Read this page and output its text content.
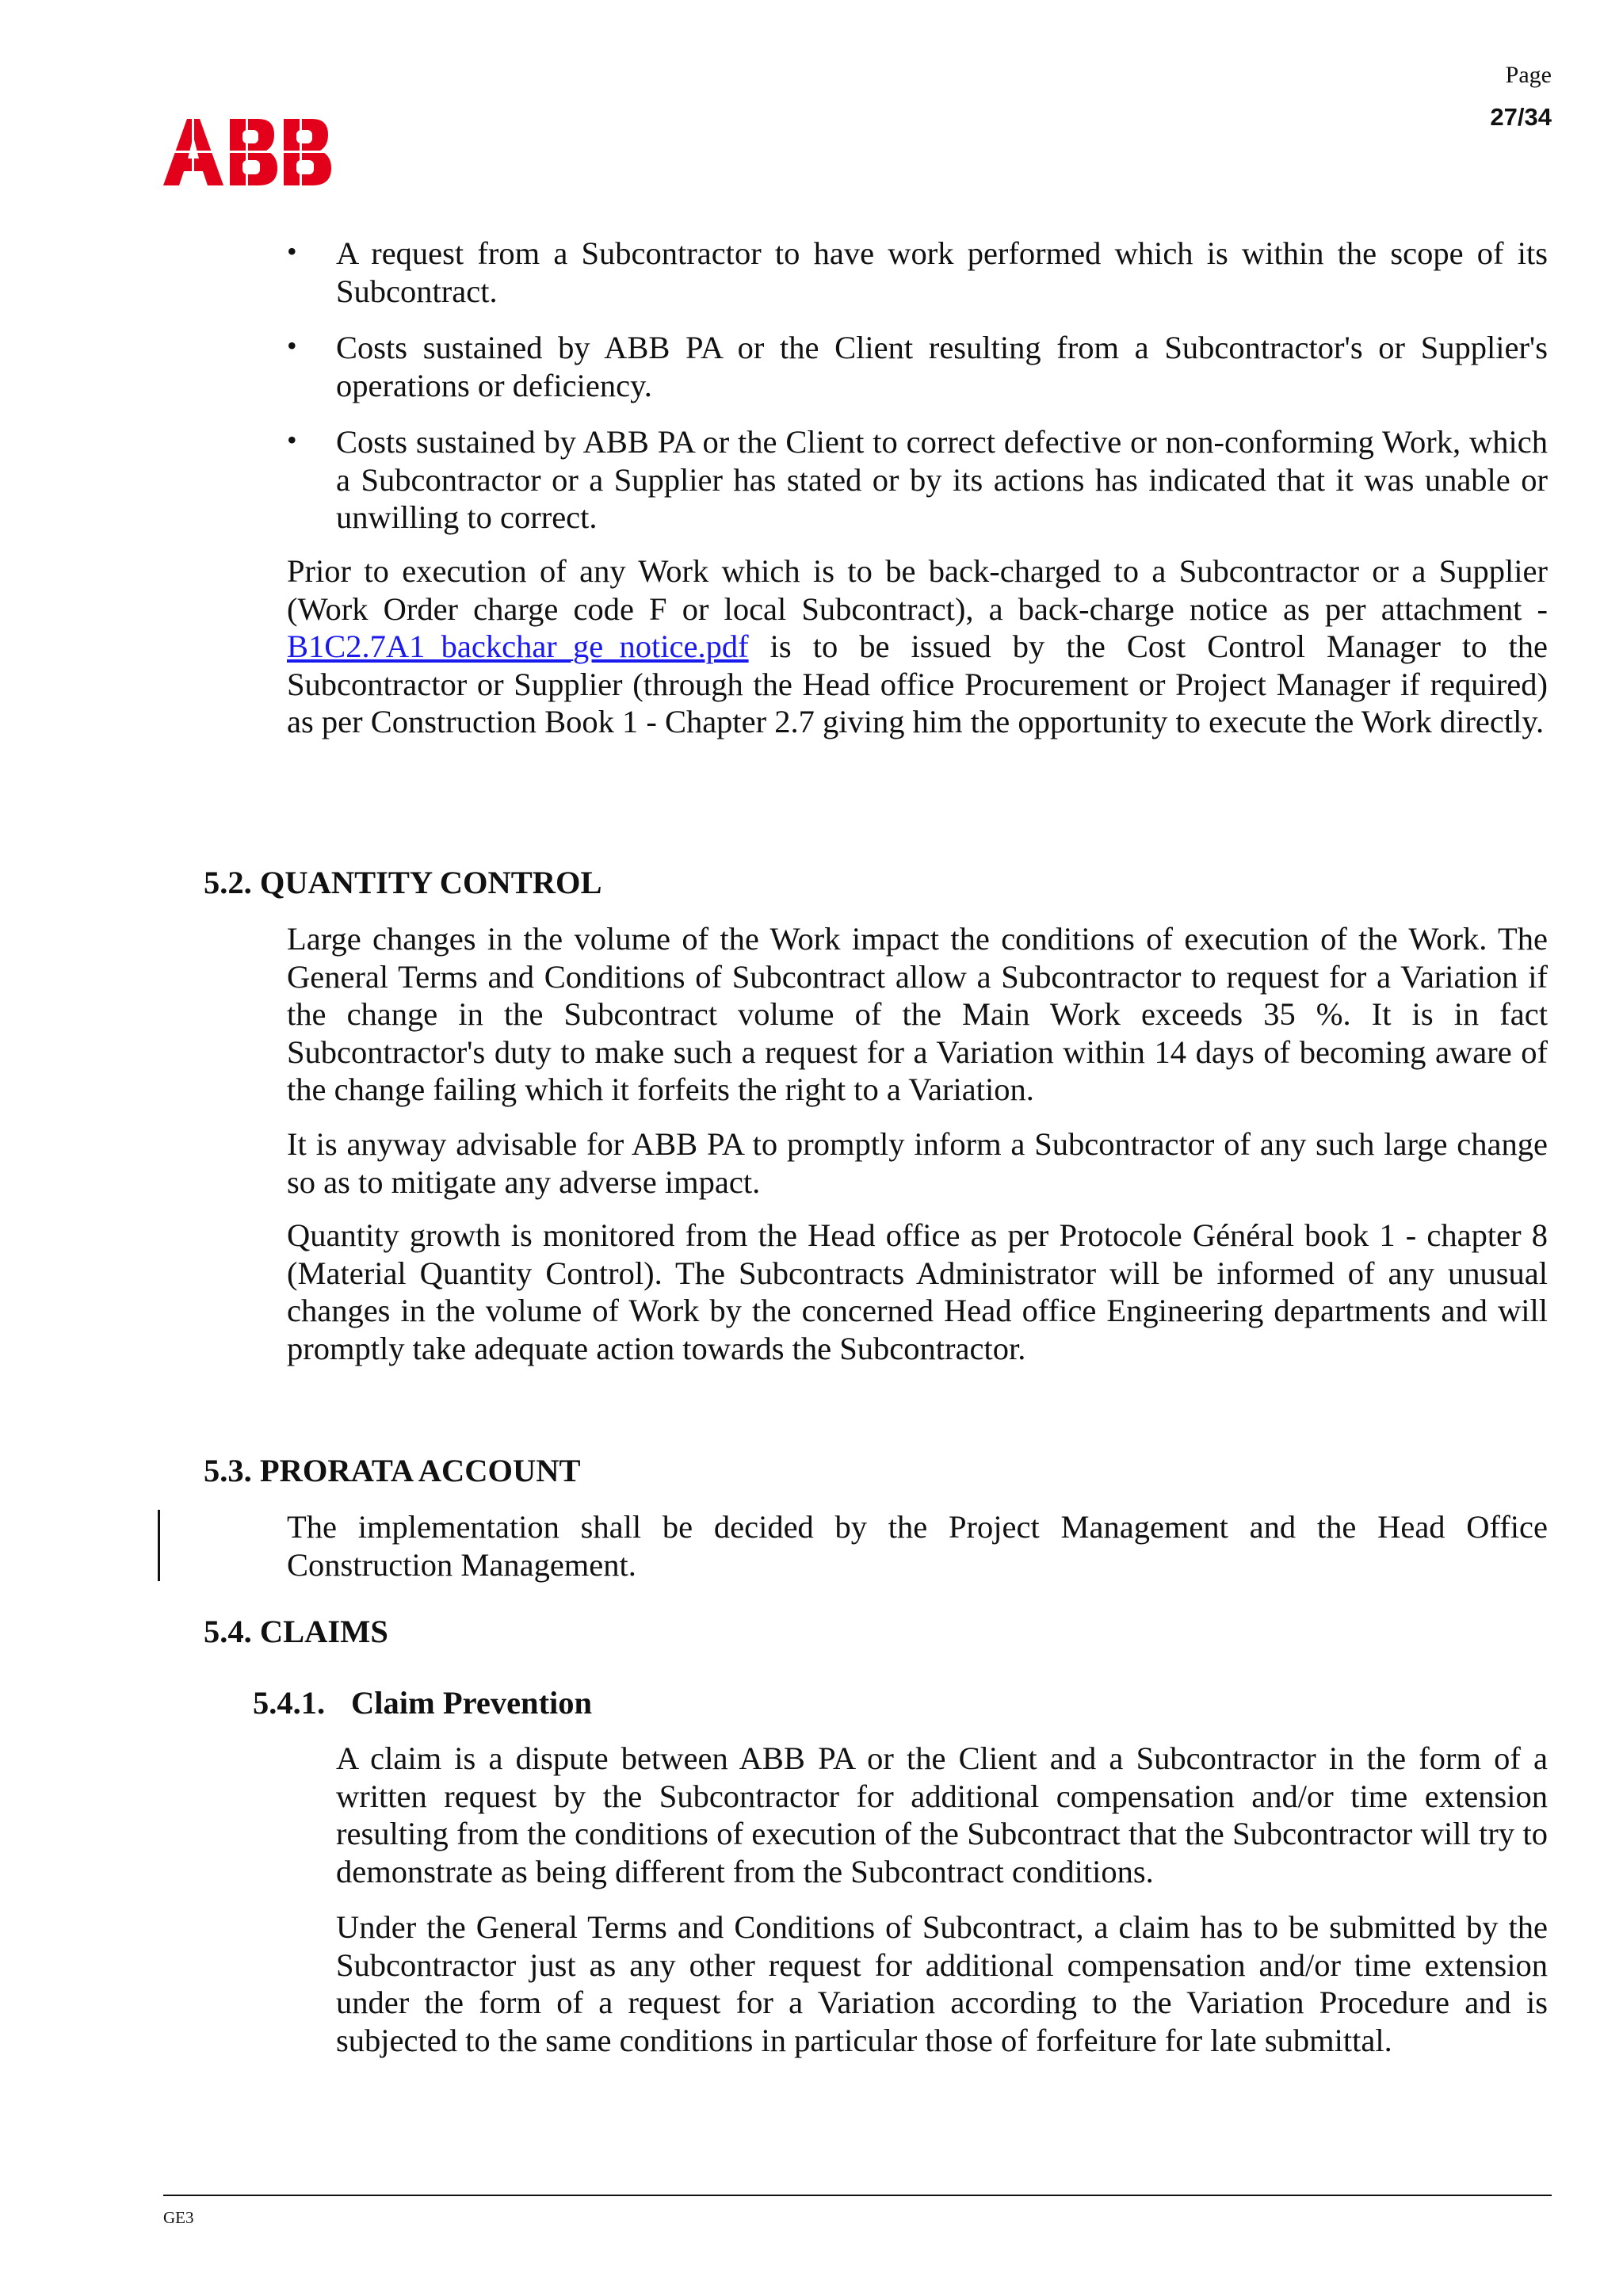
Page
27/34
• A request from a Subcontractor to have work performed which is within the scope of its Subcontract.
• Costs sustained by ABB PA or the Client resulting from a Subcontractor's or Supplier's operations or deficiency.
• Costs sustained by ABB PA or the Client to correct defective or non-conforming Work, which a Subcontractor or a Supplier has stated or by its actions has indicated that it was unable or unwilling to correct.
Prior to execution of any Work which is to be back-charged to a Subcontractor or a Supplier (Work Order charge code F or local Subcontract), a back-charge notice as per attachment - B1C2.7A1_backchar_ge_notice.pdf is to be issued by the Cost Control Manager to the Subcontractor or Supplier (through the Head office Procurement or Project Manager if required) as per Construction Book 1 - Chapter 2.7 giving him the opportunity to execute the Work directly.
5.2. QUANTITY CONTROL
Large changes in the volume of the Work impact the conditions of execution of the Work. The General Terms and Conditions of Subcontract allow a Subcontractor to request for a Variation if the change in the Subcontract volume of the Main Work exceeds 35 %. It is in fact Subcontractor's duty to make such a request for a Variation within 14 days of becoming aware of the change failing which it forfeits the right to a Variation.
It is anyway advisable for ABB PA to promptly inform a Subcontractor of any such large change so as to mitigate any adverse impact.
Quantity growth is monitored from the Head office as per Protocole Général book 1 - chapter 8 (Material Quantity Control). The Subcontracts Administrator will be informed of any unusual changes in the volume of Work by the concerned Head office Engineering departments and will promptly take adequate action towards the Subcontractor.
5.3. PRORATA ACCOUNT
The implementation shall be decided by the Project Management and the Head Office Construction Management.
5.4. CLAIMS
5.4.1. Claim Prevention
A claim is a dispute between ABB PA or the Client and a Subcontractor in the form of a written request by the Subcontractor for additional compensation and/or time extension resulting from the conditions of execution of the Subcontract that the Subcontractor will try to demonstrate as being different from the Subcontract conditions.
Under the General Terms and Conditions of Subcontract, a claim has to be submitted by the Subcontractor just as any other request for additional compensation and/or time extension under the form of a request for a Variation according to the Variation Procedure and is subjected to the same conditions in particular those of forfeiture for late submittal.
GE3
